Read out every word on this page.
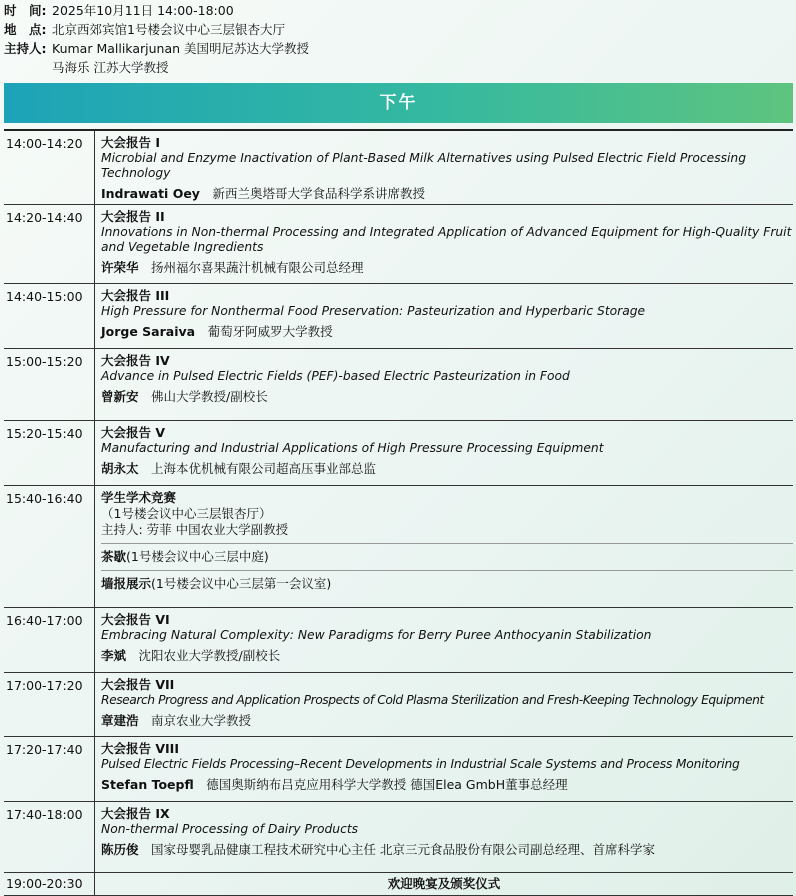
时　间: 2025年10月11日 14:00-18:00
地　点: 北京西郊宾馆1号楼会议中心三层银杏大厅
主持人: Kumar Mallikarjunan 美国明尼苏达大学教授
马海乐 江苏大学教授
下午
14:00-14:20	大会报告 I
Microbial and Enzyme Inactivation of Plant-Based Milk Alternatives using Pulsed Electric Field Processing Technology
Indrawati Oey　 新西兰奥塔哥大学食品科学系讲席教授
14:20-14:40	大会报告 II
Innovations in Non-thermal Processing and Integrated Application of Advanced Equipment for High-Quality Fruit and Vegetable Ingredients
许荣华　 扬州福尔喜果蔬汁机械有限公司总经理
14:40-15:00	大会报告 III
High Pressure for Nonthermal Food Preservation: Pasteurization and Hyperbaric Storage
Jorge Saraiva　 葡萄牙阿威罗大学教授
15:00-15:20	大会报告 IV
Advance in Pulsed Electric Fields (PEF)-based Electric Pasteurization in Food
曾新安　 佛山大学教授/副校长
15:20-15:40	大会报告 V
Manufacturing and Industrial Applications of High Pressure Processing Equipment
胡永太　 上海本优机械有限公司超高压事业部总监
15:40-16:40	学生学术竞赛
（1号楼会议中心三层银杏厅）
主持人: 劳菲 中国农业大学副教授
茶歇(1号楼会议中心三层中庭)
墙报展示(1号楼会议中心三层第一会议室)
16:40-17:00	大会报告 VI
Embracing Natural Complexity: New Paradigms for Berry Puree Anthocyanin Stabilization
李斌　 沈阳农业大学教授/副校长
17:00-17:20	大会报告 VII
Research Progress and Application Prospects of Cold Plasma Sterilization and Fresh-Keeping Technology Equipment
章建浩　 南京农业大学教授
17:20-17:40	大会报告 VIII
Pulsed Electric Fields Processing–Recent Developments in Industrial Scale Systems and Process Monitoring
Stefan Toepfl　 德国奥斯纳布吕克应用科学大学教授 德国Elea GmbH董事总经理
17:40-18:00	大会报告 IX
Non-thermal Processing of Dairy Products
陈历俊　 国家母婴乳品健康工程技术研究中心主任 北京三元食品股份有限公司副总经理、首席科学家
19:00-20:30	欢迎晚宴及颁奖仪式
